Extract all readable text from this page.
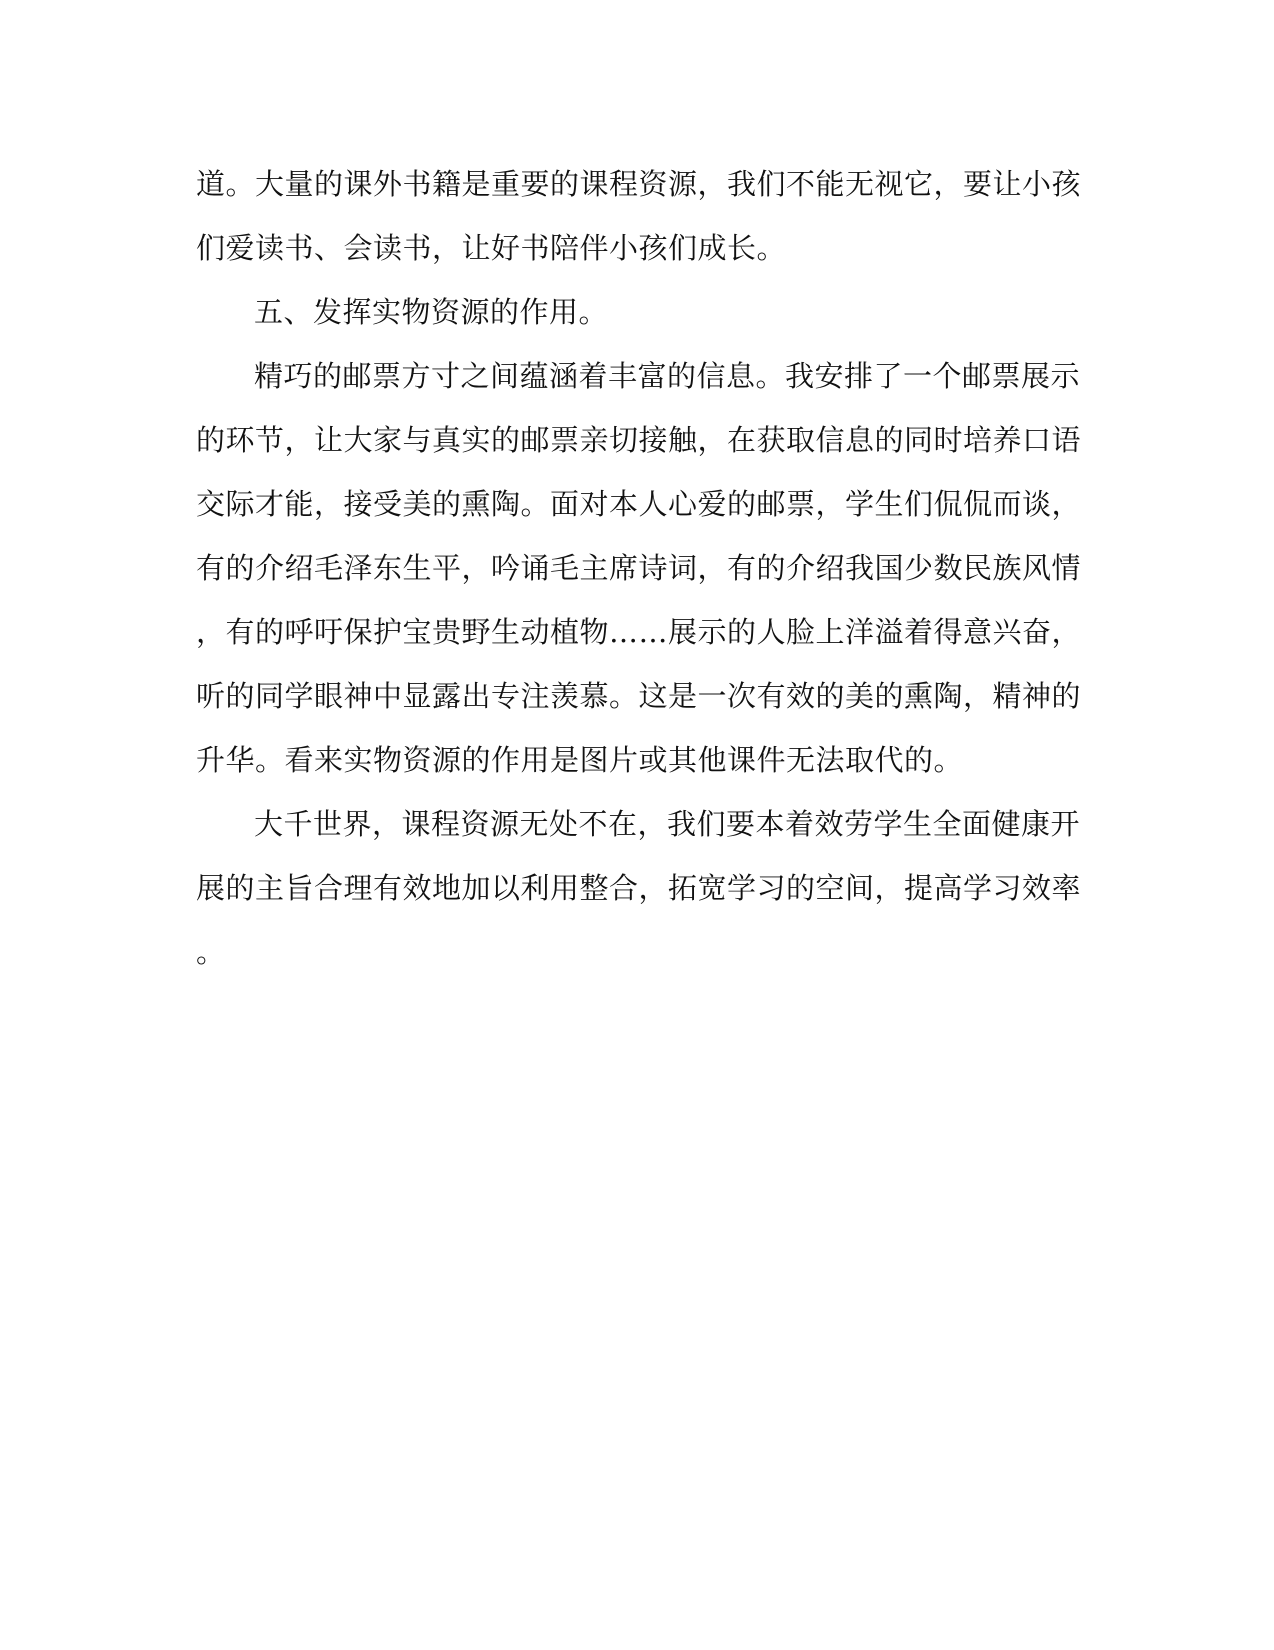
道。大量的课外书籍是重要的课程资源，我们不能无视它，要让小孩
们爱读书、会读书，让好书陪伴小孩们成长。
五、发挥实物资源的作用。
精巧的邮票方寸之间蕴涵着丰富的信息。我安排了一个邮票展示
的环节，让大家与真实的邮票亲切接触，在获取信息的同时培养口语
交际才能，接受美的熏陶。面对本人心爱的邮票，学生们侃侃而谈，
有的介绍毛泽东生平，吟诵毛主席诗词，有的介绍我国少数民族风情
，有的呼吁保护宝贵野生动植物……展示的人脸上洋溢着得意兴奋，
听的同学眼神中显露出专注羡慕。这是一次有效的美的熏陶，精神的
升华。看来实物资源的作用是图片或其他课件无法取代的。
大千世界，课程资源无处不在，我们要本着效劳学生全面健康开
展的主旨合理有效地加以利用整合，拓宽学习的空间，提高学习效率
。
